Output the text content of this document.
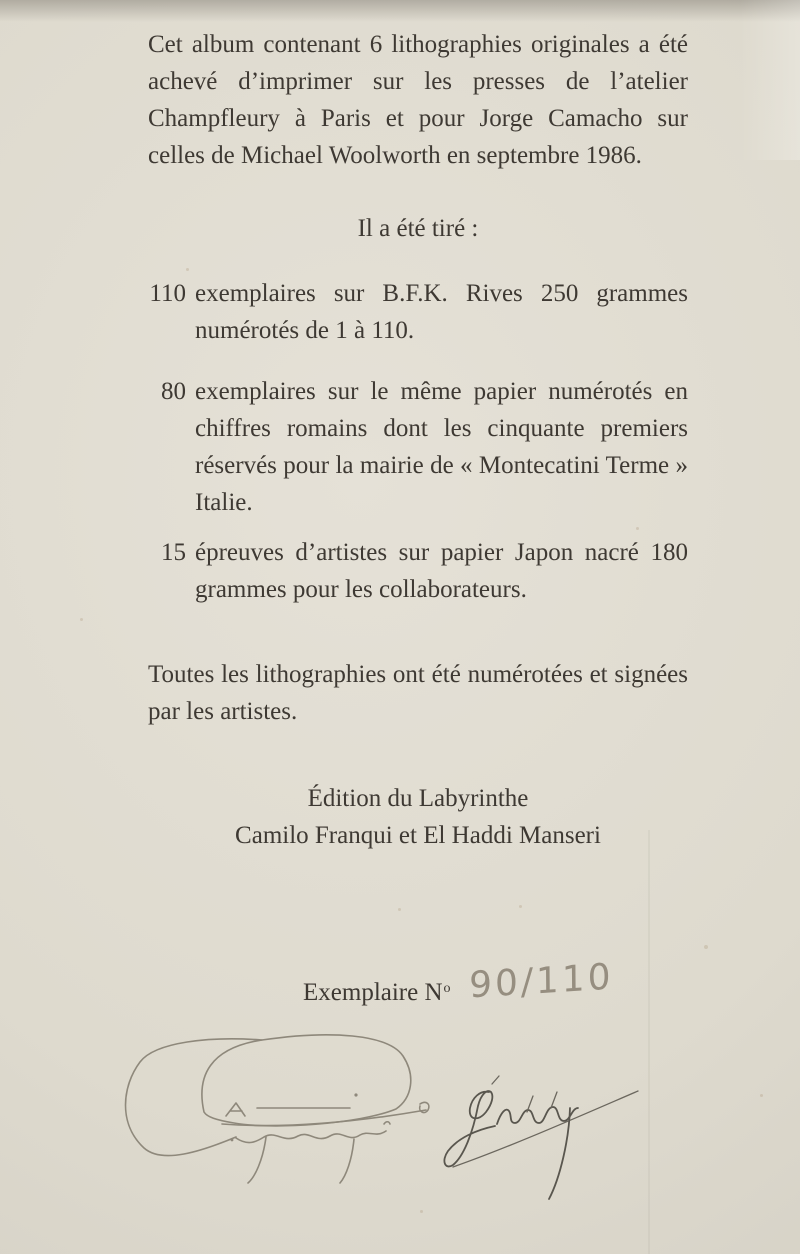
Cet album contenant 6 lithographies originales a été achevé d’imprimer sur les presses de l’atelier Champfleury à Paris et pour Jorge Camacho sur celles de Michael Woolworth en septembre 1986.

Il a été tiré :

110 exemplaires sur B.F.K. Rives 250 grammes numérotés de 1 à 110.
80 exemplaires sur le même papier numérotés en chiffres romains dont les cinquante premiers réservés pour la mairie de « Montecatini Terme » Italie.
15 épreuves d’artistes sur papier Japon nacré 180 grammes pour les collaborateurs.

Toutes les lithographies ont été numérotées et signées par les artistes.

Édition du Labyrinthe

Camilo Franqui et El Haddi Manseri

Exemplaire $N^o$ 90/110
